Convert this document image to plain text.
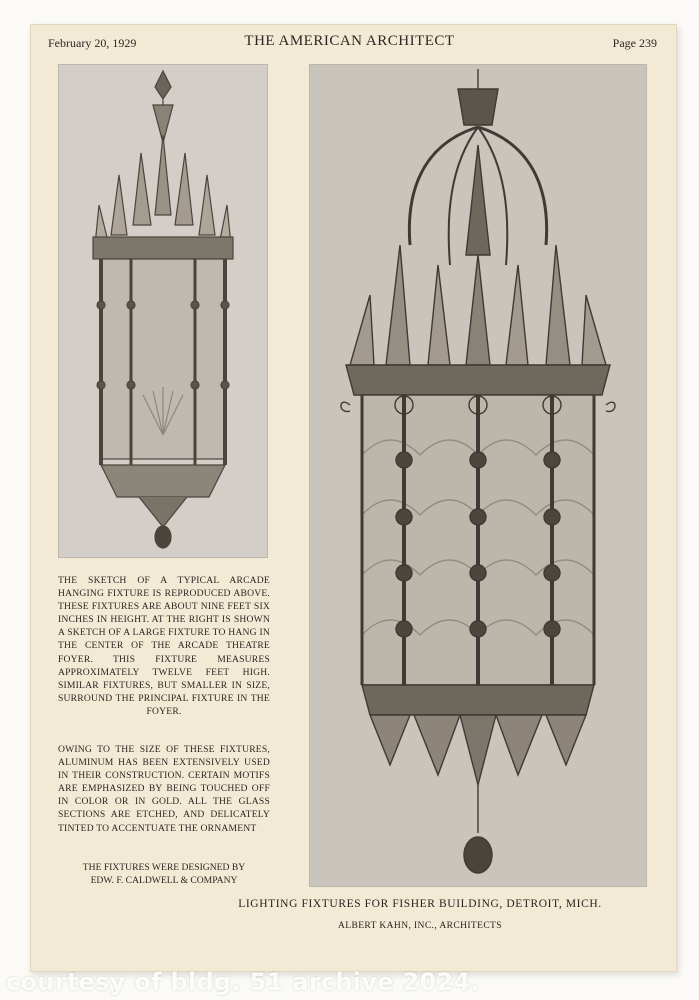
February 20, 1929	THE AMERICAN ARCHITECT	Page 239
THE SKETCH OF A TYPICAL ARCADE HANGING FIXTURE IS REPRODUCED ABOVE. THESE FIXTURES ARE ABOUT NINE FEET SIX INCHES IN HEIGHT. AT THE RIGHT IS SHOWN A SKETCH OF A LARGE FIXTURE TO HANG IN THE CENTER OF THE ARCADE THEATRE FOYER. THIS FIXTURE MEASURES APPROXIMATELY TWELVE FEET HIGH. SIMILAR FIXTURES, BUT SMALLER IN SIZE, SURROUND THE PRINCIPAL FIXTURE IN THE FOYER.
OWING TO THE SIZE OF THESE FIXTURES, ALUMINUM HAS BEEN EXTENSIVELY USED IN THEIR CONSTRUCTION. CERTAIN MOTIFS ARE EMPHASIZED BY BEING TOUCHED OFF IN COLOR OR IN GOLD. ALL THE GLASS SECTIONS ARE ETCHED, AND DELICATELY TINTED TO ACCENTUATE THE ORNAMENT
THE FIXTURES WERE DESIGNED BY
EDW. F. CALDWELL & COMPANY
LIGHTING FIXTURES FOR FISHER BUILDING, DETROIT, MICH.
ALBERT KAHN, INC., ARCHITECTS
courtesy of bldg. 51 archive 2024.
